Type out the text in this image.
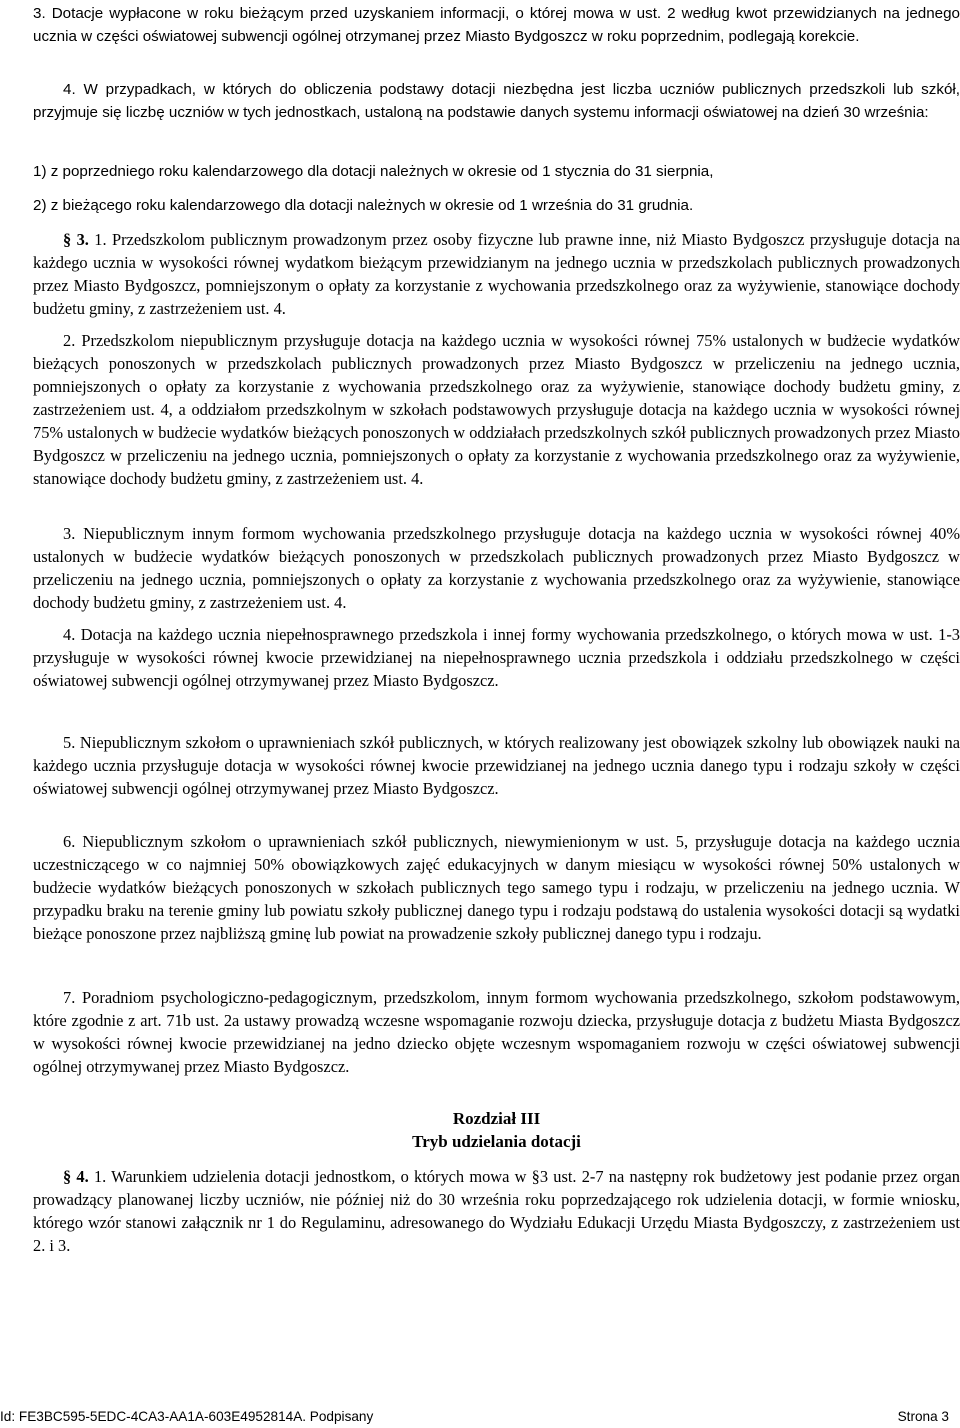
3. Dotacje wypłacone w roku bieżącym przed uzyskaniem informacji, o której mowa w ust. 2 według kwot przewidzianych na jednego ucznia w części oświatowej subwencji ogólnej otrzymanej przez Miasto Bydgoszcz w roku poprzednim, podlegają korekcie.

4. W przypadkach, w których do obliczenia podstawy dotacji niezbędna jest liczba uczniów publicznych przedszkoli lub szkół, przyjmuje się liczbę uczniów w tych jednostkach, ustaloną na podstawie danych systemu informacji oświatowej na dzień 30 września:

1) z poprzedniego roku kalendarzowego dla dotacji należnych w okresie od 1 stycznia do 31 sierpnia,

2) z bieżącego roku kalendarzowego dla dotacji należnych w okresie od 1 września do 31 grudnia.

§ 3. 1. Przedszkolom publicznym prowadzonym przez osoby fizyczne lub prawne inne, niż Miasto Bydgoszcz przysługuje dotacja na każdego ucznia w wysokości równej wydatkom bieżącym przewidzianym na jednego ucznia w przedszkolach publicznych prowadzonych przez Miasto Bydgoszcz, pomniejszonym o opłaty za korzystanie z wychowania przedszkolnego oraz za wyżywienie, stanowiące dochody budżetu gminy, z zastrzeżeniem ust. 4.

2. Przedszkolom niepublicznym przysługuje dotacja na każdego ucznia w wysokości równej 75% ustalonych w budżecie wydatków bieżących ponoszonych w przedszkolach publicznych prowadzonych przez Miasto Bydgoszcz w przeliczeniu na jednego ucznia, pomniejszonych o opłaty za korzystanie z wychowania przedszkolnego oraz za wyżywienie, stanowiące dochody budżetu gminy, z zastrzeżeniem ust. 4, a oddziałom przedszkolnym w szkołach podstawowych przysługuje dotacja na każdego ucznia w wysokości równej 75% ustalonych w budżecie wydatków bieżących ponoszonych w oddziałach przedszkolnych szkół publicznych prowadzonych przez Miasto Bydgoszcz w przeliczeniu na jednego ucznia, pomniejszonych o opłaty za korzystanie z wychowania przedszkolnego oraz za wyżywienie, stanowiące dochody budżetu gminy, z zastrzeżeniem ust. 4.

3. Niepublicznym innym formom wychowania przedszkolnego przysługuje dotacja na każdego ucznia w wysokości równej 40% ustalonych w budżecie wydatków bieżących ponoszonych w przedszkolach publicznych prowadzonych przez Miasto Bydgoszcz w przeliczeniu na jednego ucznia, pomniejszonych o opłaty za korzystanie z wychowania przedszkolnego oraz za wyżywienie, stanowiące dochody budżetu gminy, z zastrzeżeniem ust. 4.

4. Dotacja na każdego ucznia niepełnosprawnego przedszkola i innej formy wychowania przedszkolnego, o których mowa w ust. 1-3 przysługuje w wysokości równej kwocie przewidzianej na niepełnosprawnego ucznia przedszkola i oddziału przedszkolnego w części oświatowej subwencji ogólnej otrzymywanej przez Miasto Bydgoszcz.

5. Niepublicznym szkołom o uprawnieniach szkół publicznych, w których realizowany jest obowiązek szkolny lub obowiązek nauki na każdego ucznia przysługuje dotacja w wysokości równej kwocie przewidzianej na jednego ucznia danego typu i rodzaju szkoły w części oświatowej subwencji ogólnej otrzymywanej przez Miasto Bydgoszcz.

6. Niepublicznym szkołom o uprawnieniach szkół publicznych, niewymienionym w ust. 5, przysługuje dotacja na każdego ucznia uczestniczącego w co najmniej 50% obowiązkowych zajęć edukacyjnych w danym miesiącu w wysokości równej 50% ustalonych w budżecie wydatków bieżących ponoszonych w szkołach publicznych tego samego typu i rodzaju, w przeliczeniu na jednego ucznia. W przypadku braku na terenie gminy lub powiatu szkoły publicznej danego typu i rodzaju podstawą do ustalenia wysokości dotacji są wydatki bieżące ponoszone przez najbliższą gminę lub powiat na prowadzenie szkoły publicznej danego typu i rodzaju.

7. Poradniom psychologiczno-pedagogicznym, przedszkolom, innym formom wychowania przedszkolnego, szkołom podstawowym, które zgodnie z art. 71b ust. 2a ustawy prowadzą wczesne wspomaganie rozwoju dziecka, przysługuje dotacja z budżetu Miasta Bydgoszcz w wysokości równej kwocie przewidzianej na jedno dziecko objęte wczesnym wspomaganiem rozwoju w części oświatowej subwencji ogólnej otrzymywanej przez Miasto Bydgoszcz.

Rozdział III
Tryb udzielania dotacji

§ 4. 1. Warunkiem udzielenia dotacji jednostkom, o których mowa w §3 ust. 2-7 na następny rok budżetowy jest podanie przez organ prowadzący planowanej liczby uczniów, nie później niż do 30 września roku poprzedzającego rok udzielenia dotacji, w formie wniosku, którego wzór stanowi załącznik nr 1 do Regulaminu, adresowanego do Wydziału Edukacji Urzędu Miasta Bydgoszczy, z zastrzeżeniem ust 2. i 3.

Id: FE3BC595-5EDC-4CA3-AA1A-603E4952814A. Podpisany	Strona 3
